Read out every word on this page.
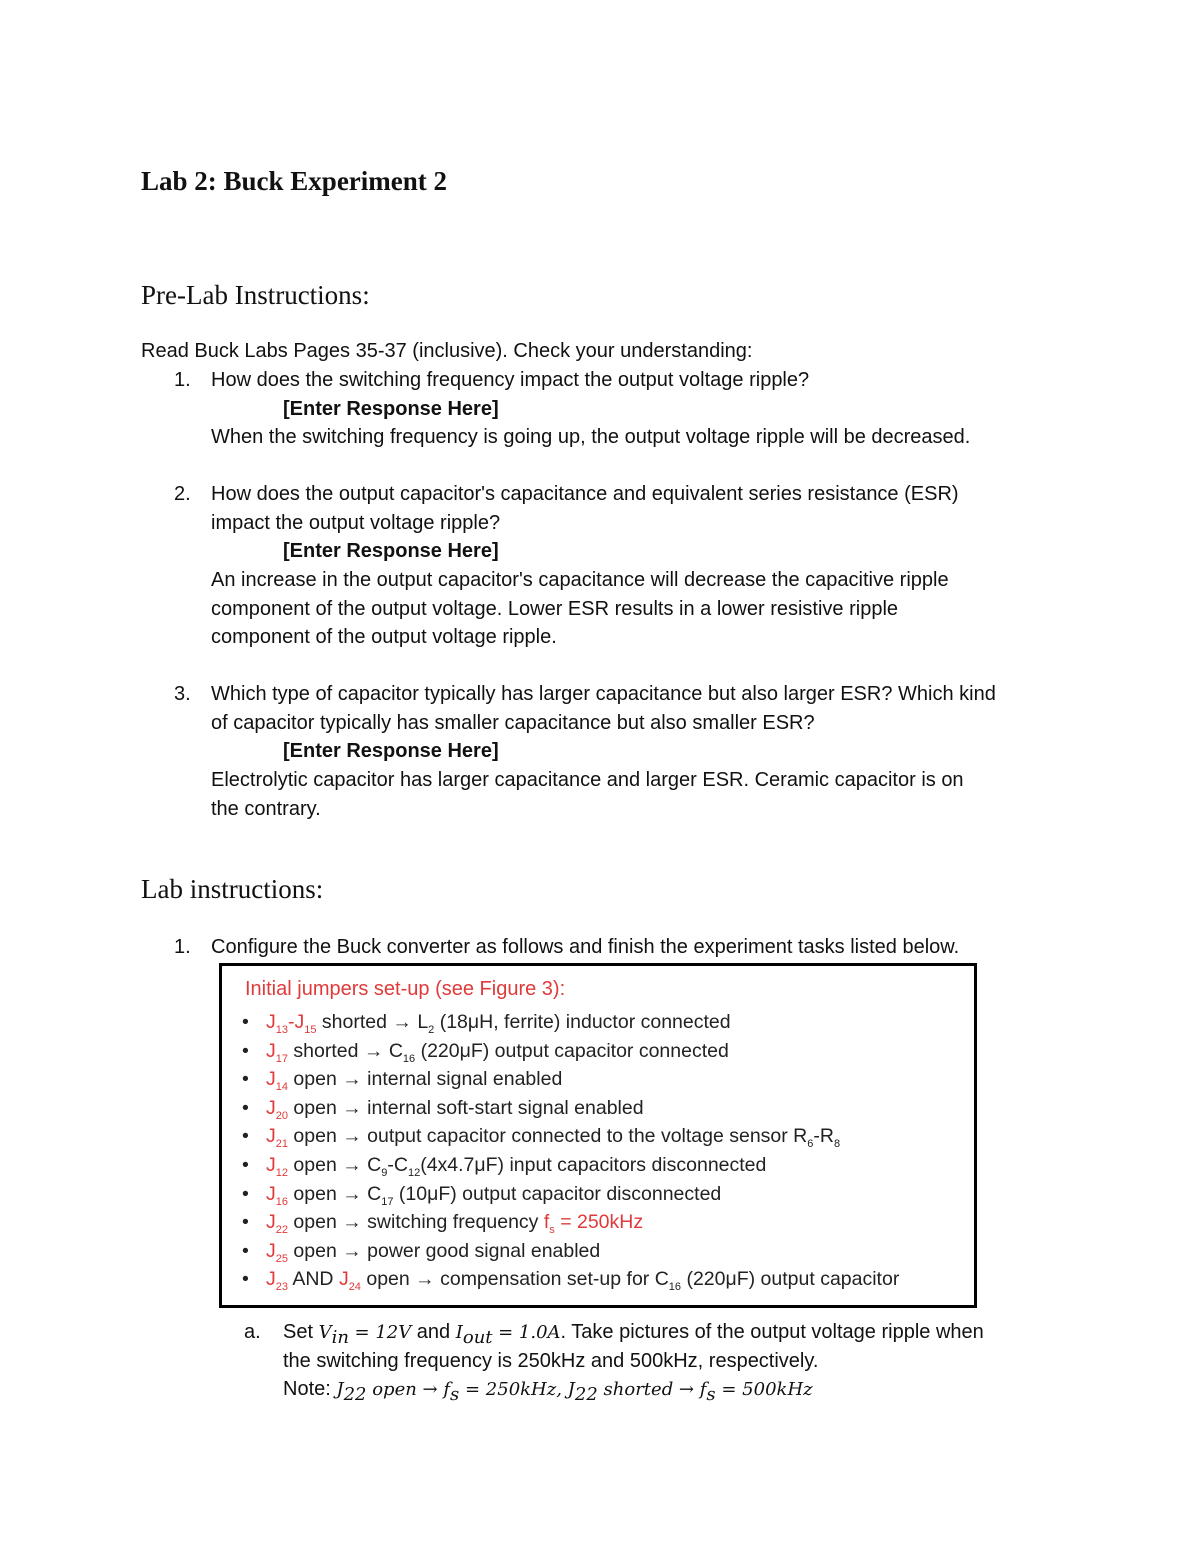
Lab 2: Buck Experiment 2
Pre-Lab Instructions:
Read Buck Labs Pages 35-37 (inclusive). Check your understanding:
1. How does the switching frequency impact the output voltage ripple?
[Enter Response Here]
When the switching frequency is going up, the output voltage ripple will be decreased.
2. How does the output capacitor's capacitance and equivalent series resistance (ESR)
impact the output voltage ripple?
[Enter Response Here]
An increase in the output capacitor's capacitance will decrease the capacitive ripple
component of the output voltage. Lower ESR results in a lower resistive ripple
component of the output voltage ripple.
3. Which type of capacitor typically has larger capacitance but also larger ESR? Which kind
of capacitor typically has smaller capacitance but also smaller ESR?
[Enter Response Here]
Electrolytic capacitor has larger capacitance and larger ESR. Ceramic capacitor is on
the contrary.
Lab instructions:
1. Configure the Buck converter as follows and finish the experiment tasks listed below.
Initial jumpers set-up (see Figure 3):
• $J_{13}-J_{15}$ shorted → $L_2$ (18μH, ferrite) inductor connected
• $J_{17}$ shorted → $C_{16}$ (220μF) output capacitor connected
• $J_{14}$ open → internal signal enabled
• $J_{20}$ open → internal soft-start signal enabled
• $J_{21}$ open → output capacitor connected to the voltage sensor $R_6-R_8$
• $J_{12}$ open → $C_9-C_{12}(4x4.7\mu F)$ input capacitors disconnected
• $J_{16}$ open → $C_{17}$ (10μF) output capacitor disconnected
• $J_{22}$ open → switching frequency $f_s = 250kHz$
• $J_{25}$ open → power good signal enabled
• $J_{23}$ AND $J_{24}$ open → compensation set-up for $C_{16}$ (220μF) output capacitor
a. Set $V_{in} = 12V$ and $I_{out} = 1.0A$. Take pictures of the output voltage ripple when
the switching frequency is 250kHz and 500kHz, respectively.
Note: $J_{22}$ open → $f_s = 250kHz$, $J_{22}$ shorted → $f_s = 500kHz$
